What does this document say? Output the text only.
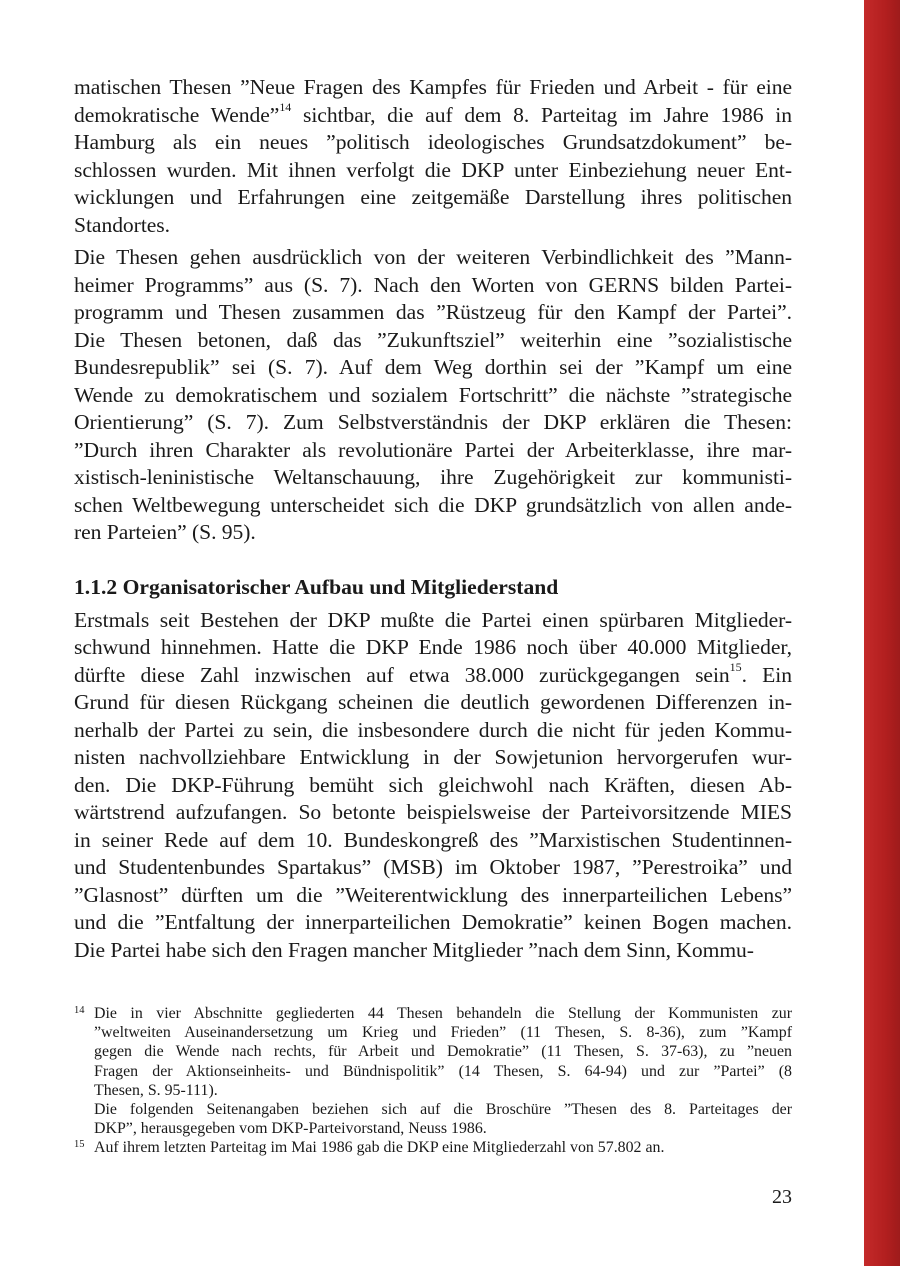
matischen Thesen ”Neue Fragen des Kampfes für Frieden und Arbeit - für eine
demokratische Wende”$^{14}$ sichtbar, die auf dem 8. Parteitag im Jahre 1986 in
Hamburg als ein neues ”politisch ideologisches Grundsatzdokument” be-
schlossen wurden. Mit ihnen verfolgt die DKP unter Einbeziehung neuer Ent-
wicklungen und Erfahrungen eine zeitgemäße Darstellung ihres politischen
Standortes.

Die Thesen gehen ausdrücklich von der weiteren Verbindlichkeit des ”Mann-
heimer Programms” aus (S. 7). Nach den Worten von GERNS bilden Partei-
programm und Thesen zusammen das ”Rüstzeug für den Kampf der Partei”.
Die Thesen betonen, daß das ”Zukunftsziel” weiterhin eine ”sozialistische
Bundesrepublik” sei (S. 7). Auf dem Weg dorthin sei der ”Kampf um eine
Wende zu demokratischem und sozialem Fortschritt” die nächste ”strategische
Orientierung” (S. 7). Zum Selbstverständnis der DKP erklären die Thesen:
”Durch ihren Charakter als revolutionäre Partei der Arbeiterklasse, ihre mar-
xistisch-leninistische Weltanschauung, ihre Zugehörigkeit zur kommunisti-
schen Weltbewegung unterscheidet sich die DKP grundsätzlich von allen ande-
ren Parteien” (S. 95).

1.1.2 Organisatorischer Aufbau und Mitgliederstand

Erstmals seit Bestehen der DKP mußte die Partei einen spürbaren Mitglieder-
schwund hinnehmen. Hatte die DKP Ende 1986 noch über 40.000 Mitglieder,
dürfte diese Zahl inzwischen auf etwa 38.000 zurückgegangen sein$^{15}$. Ein
Grund für diesen Rückgang scheinen die deutlich gewordenen Differenzen in-
nerhalb der Partei zu sein, die insbesondere durch die nicht für jeden Kommu-
nisten nachvollziehbare Entwicklung in der Sowjetunion hervorgerufen wur-
den. Die DKP-Führung bemüht sich gleichwohl nach Kräften, diesen Ab-
wärtstrend aufzufangen. So betonte beispielsweise der Parteivorsitzende MIES
in seiner Rede auf dem 10. Bundeskongreß des ”Marxistischen Studentinnen-
und Studentenbundes Spartakus” (MSB) im Oktober 1987, ”Perestroika” und
”Glasnost” dürften um die ”Weiterentwicklung des innerparteilichen Lebens”
und die ”Entfaltung der innerparteilichen Demokratie” keinen Bogen machen.
Die Partei habe sich den Fragen mancher Mitglieder ”nach dem Sinn, Kommu-

14 Die in vier Abschnitte gegliederten 44 Thesen behandeln die Stellung der Kommunisten zur
”weltweiten Auseinandersetzung um Krieg und Frieden” (11 Thesen, S. 8-36), zum ”Kampf
gegen die Wende nach rechts, für Arbeit und Demokratie” (11 Thesen, S. 37-63), zu ”neuen
Fragen der Aktionseinheits- und Bündnispolitik” (14 Thesen, S. 64-94) und zur ”Partei” (8
Thesen, S. 95-111).
Die folgenden Seitenangaben beziehen sich auf die Broschüre ”Thesen des 8. Parteitages der
DKP”, herausgegeben vom DKP-Parteivorstand, Neuss 1986.
15 Auf ihrem letzten Parteitag im Mai 1986 gab die DKP eine Mitgliederzahl von 57.802 an.
23
